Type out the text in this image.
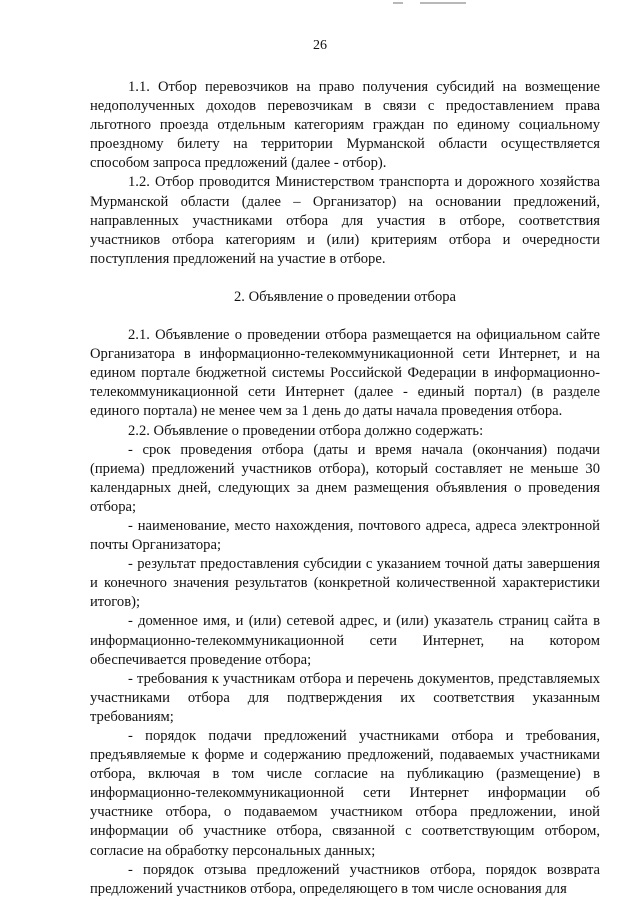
26

1.1. Отбор перевозчиков на право получения субсидий на возмещение недополученных доходов перевозчикам в связи с предоставлением права льготного проезда отдельным категориям граждан по единому социальному проездному билету на территории Мурманской области осуществляется способом запроса предложений (далее - отбор).

1.2. Отбор проводится Министерством транспорта и дорожного хозяйства Мурманской области (далее – Организатор) на основании предложений, направленных участниками отбора для участия в отборе, соответствия участников отбора категориям и (или) критериям отбора и очередности поступления предложений на участие в отборе.

2. Объявление о проведении отбора

2.1. Объявление о проведении отбора размещается на официальном сайте Организатора в информационно-телекоммуникационной сети Интернет, и на едином портале бюджетной системы Российской Федерации в информационно-телекоммуникационной сети Интернет (далее - единый портал) (в разделе единого портала) не менее чем за 1 день до даты начала проведения отбора.

2.2. Объявление о проведении отбора должно содержать:

- срок проведения отбора (даты и время начала (окончания) подачи (приема) предложений участников отбора), который составляет не меньше 30 календарных дней, следующих за днем размещения объявления о проведения отбора;

- наименование, место нахождения, почтового адреса, адреса электронной почты Организатора;

- результат предоставления субсидии с указанием точной даты завершения и конечного значения результатов (конкретной количественной характеристики итогов);

- доменное имя, и (или) сетевой адрес, и (или) указатель страниц сайта в информационно-телекоммуникационной сети Интернет, на котором обеспечивается проведение отбора;

- требования к участникам отбора и перечень документов, представляемых участниками отбора для подтверждения их соответствия указанным требованиям;

- порядок подачи предложений участниками отбора и требования, предъявляемые к форме и содержанию предложений, подаваемых участниками отбора, включая в том числе согласие на публикацию (размещение) в информационно-телекоммуникационной сети Интернет информации об участнике отбора, о подаваемом участником отбора предложении, иной информации об участнике отбора, связанной с соответствующим отбором, согласие на обработку персональных данных;

- порядок отзыва предложений участников отбора, порядок возврата предложений участников отбора, определяющего в том числе основания для
